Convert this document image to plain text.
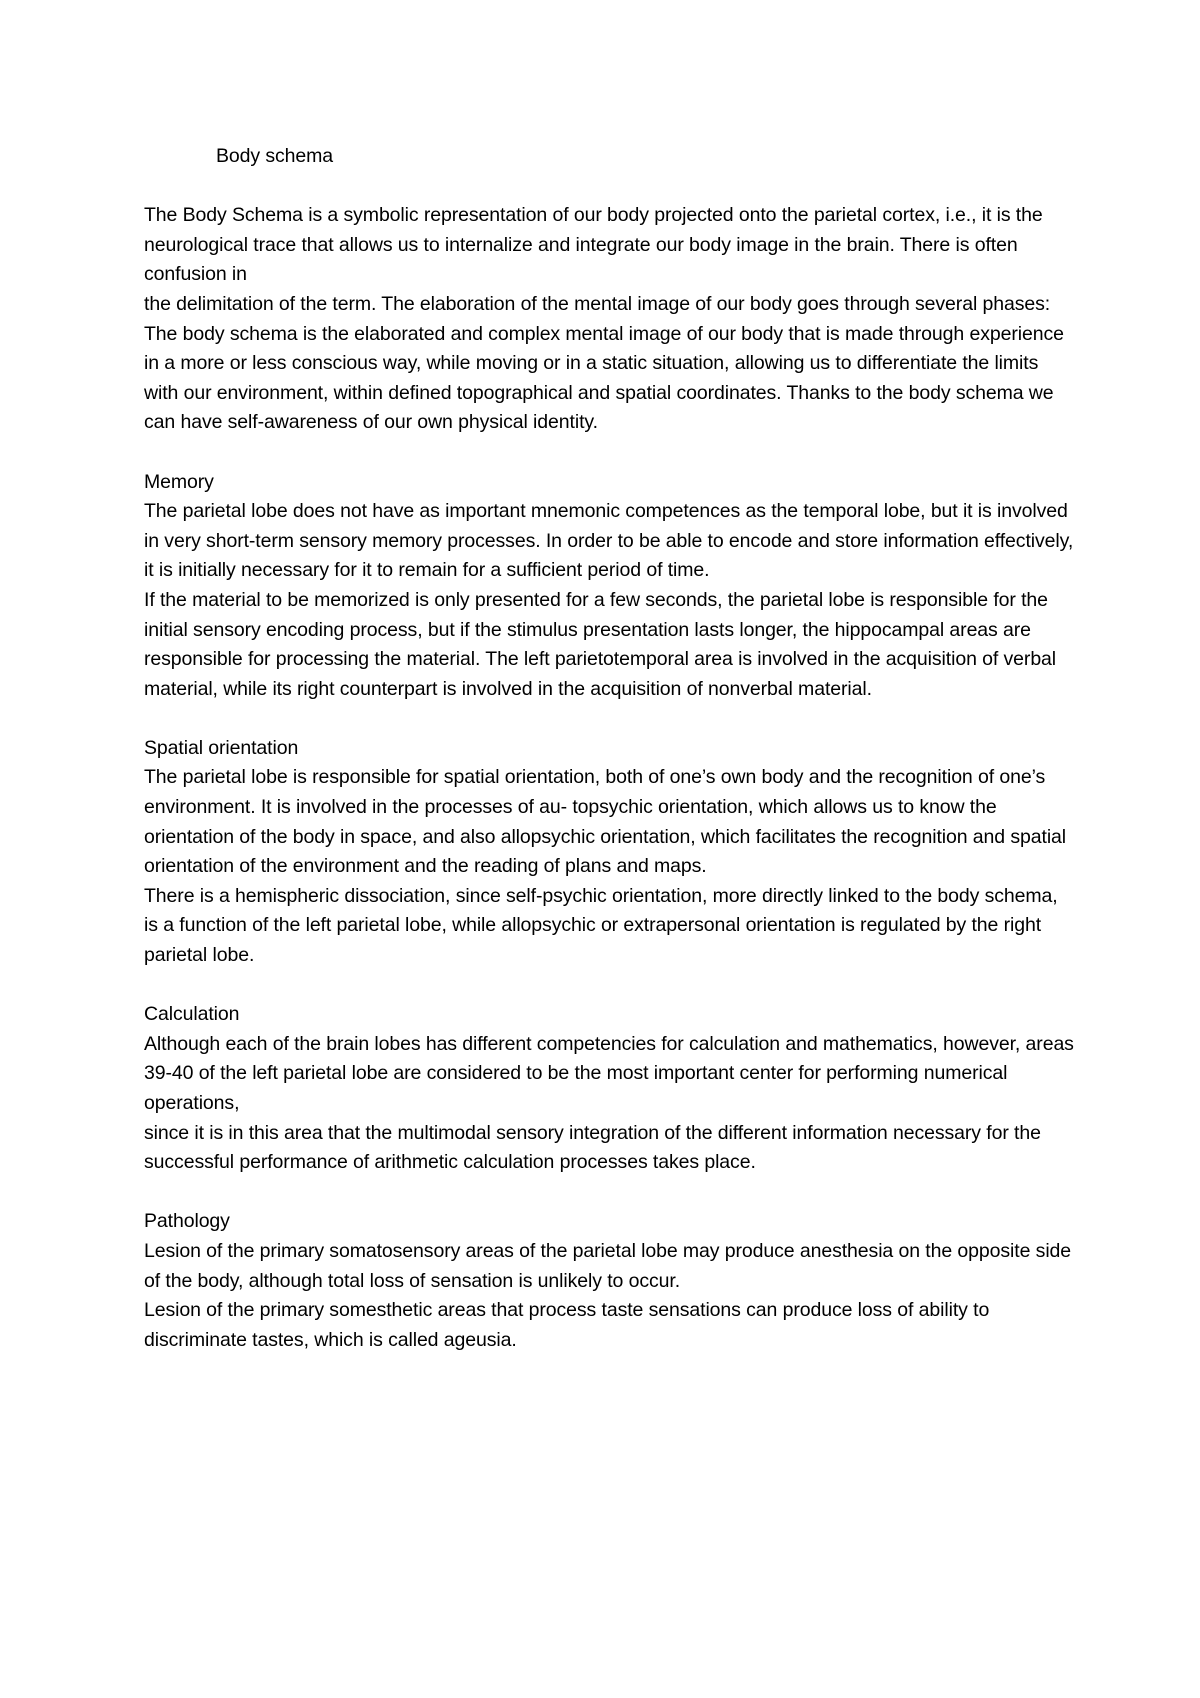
Body schema

The Body Schema is a symbolic representation of our body projected onto the parietal cortex, i.e., it is the neurological trace that allows us to internalize and integrate our body image in the brain. There is often confusion in

the delimitation of the term. The elaboration of the mental image of our body goes through several phases:

The body schema is the elaborated and complex mental image of our body that is made through experience in a more or less conscious way, while moving or in a static situation, allowing us to differentiate the limits with our environment, within defined topographical and spatial coordinates. Thanks to the body schema we can have self-awareness of our own physical identity.

Memory

The parietal lobe does not have as important mnemonic competences as the temporal lobe, but it is involved in very short-term sensory memory processes. In order to be able to encode and store information effectively, it is initially necessary for it to remain for a sufficient period of time.

If the material to be memorized is only presented for a few seconds, the parietal lobe is responsible for the initial sensory encoding process, but if the stimulus presentation lasts longer, the hippocampal areas are responsible for processing the material. The left parietotemporal area is involved in the acquisition of verbal material, while its right counterpart is involved in the acquisition of nonverbal material.

Spatial orientation

The parietal lobe is responsible for spatial orientation, both of one’s own body and the recognition of one’s environment. It is involved in the processes of au- topsychic orientation, which allows us to know the orientation of the body in space, and also allopsychic orientation, which facilitates the recognition and spatial orientation of the environment and the reading of plans and maps.

There is a hemispheric dissociation, since self-psychic orientation, more directly linked to the body schema, is a function of the left parietal lobe, while allopsychic or extrapersonal orientation is regulated by the right parietal lobe.

Calculation

Although each of the brain lobes has different competencies for calculation and mathematics, however, areas 39-40 of the left parietal lobe are considered to be the most important center for performing numerical operations,

since it is in this area that the multimodal sensory integration of the different information necessary for the successful performance of arithmetic calculation processes takes place.

Pathology

Lesion of the primary somatosensory areas of the parietal lobe may produce anesthesia on the opposite side of the body, although total loss of sensation is unlikely to occur.

Lesion of the primary somesthetic areas that process taste sensations can produce loss of ability to discriminate tastes, which is called ageusia.
